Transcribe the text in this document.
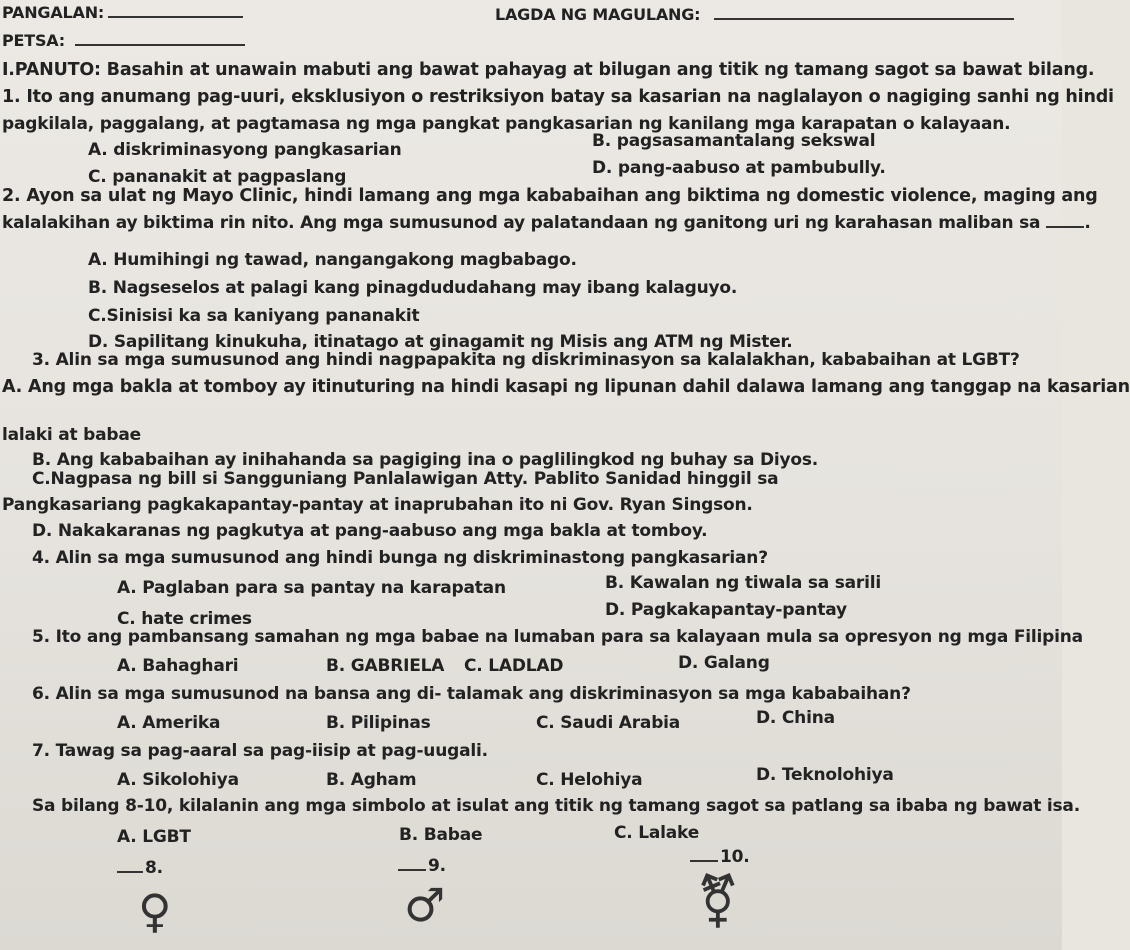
PANGALAN:
PETSA:
LAGDA NG MAGULANG:
I.PANUTO: Basahin at unawain mabuti ang bawat pahayag at bilugan ang titik ng tamang sagot sa bawat bilang.
1. Ito ang anumang pag-uuri, eksklusiyon o restriksiyon batay sa kasarian na naglalayon o nagiging sanhi ng hindi
pagkilala, paggalang, at pagtamasa ng mga pangkat pangkasarian ng kanilang mga karapatan o kalayaan.
A. diskriminasyong pangkasarian	B. pagsasamantalang sekswal
C. pananakit at pagpaslang	D. pang-aabuso at pambubully.
2. Ayon sa ulat ng Mayo Clinic, hindi lamang ang mga kababaihan ang biktima ng domestic violence, maging ang
kalalakihan ay biktima rin nito. Ang mga sumusunod ay palatandaan ng ganitong uri ng karahasan maliban sa	.
A. Humihingi ng tawad, nangangakong magbabago.
B. Nagseselos at palagi kang pinagdududahang may ibang kalaguyo.
C.Sinisisi ka sa kaniyang pananakit
D. Sapilitang kinukuha, itinatago at ginagamit ng Misis ang ATM ng Mister.
3. Alin sa mga sumusunod ang hindi nagpapakita ng diskriminasyon sa kalalakhan, kababaihan at LGBT?
A. Ang mga bakla at tomboy ay itinuturing na hindi kasapi ng lipunan dahil dalawa lamang ang tanggap na kasarian
lalaki at babae
B. Ang kababaihan ay inihahanda sa pagiging ina o paglilingkod ng buhay sa Diyos.
C.Nagpasa ng bill si Sangguniang Panlalawigan Atty. Pablito Sanidad hinggil sa
Pangkasariang pagkakapantay-pantay at inaprubahan ito ni Gov. Ryan Singson.
D. Nakakaranas ng pagkutya at pang-aabuso ang mga bakla at tomboy.
4. Alin sa mga sumusunod ang hindi bunga ng diskriminastong pangkasarian?
A. Paglaban para sa pantay na karapatan	B. Kawalan ng tiwala sa sarili
C. hate crimes	D. Pagkakapantay-pantay
5. Ito ang pambansang samahan ng mga babae na lumaban para sa kalayaan mula sa opresyon ng mga Filipina
A. Bahaghari	B. GABRIELA C. LADLAD	D. Galang
6. Alin sa mga sumusunod na bansa ang di- talamak ang diskriminasyon sa mga kababaihan?
A. Amerika	B. Pilipinas	C. Saudi Arabia	D. China
7. Tawag sa pag-aaral sa pag-iisip at pag-uugali.
A. Sikolohiya	B. Agham	C. Helohiya	D. Teknolohiya
Sa bilang 8-10, kilalanin ang mga simbolo at isulat ang titik ng tamang sagot sa patlang sa ibaba ng bawat isa.
A. LGBT	B. Babae	C. Lalake
8.	9.	10.
♀	♂	⚧
